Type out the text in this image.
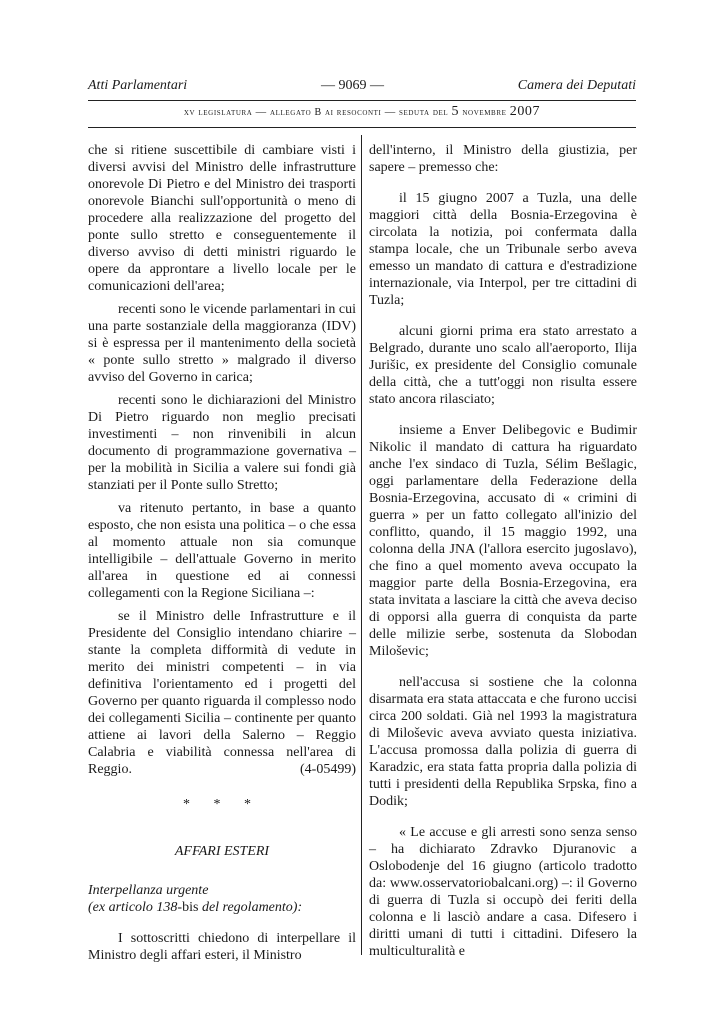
Atti Parlamentari	— 9069 —	Camera dei Deputati
xv legislatura — allegato b ai resoconti — seduta del 5 novembre 2007

che si ritiene suscettibile di cambiare visti i diversi avvisi del Ministro delle infrastrutture onorevole Di Pietro e del Ministro dei trasporti onorevole Bianchi sull'opportunità o meno di procedere alla realizzazione del progetto del ponte sullo stretto e conseguentemente il diverso avviso di detti ministri riguardo le opere da approntare a livello locale per le comunicazioni dell'area;

recenti sono le vicende parlamentari in cui una parte sostanziale della maggioranza (IDV) si è espressa per il mantenimento della società « ponte sullo stretto » malgrado il diverso avviso del Governo in carica;

recenti sono le dichiarazioni del Ministro Di Pietro riguardo non meglio precisati investimenti – non rinvenibili in alcun documento di programmazione governativa – per la mobilità in Sicilia a valere sui fondi già stanziati per il Ponte sullo Stretto;

va ritenuto pertanto, in base a quanto esposto, che non esista una politica – o che essa al momento attuale non sia comunque intelligibile – dell'attuale Governo in merito all'area in questione ed ai connessi collegamenti con la Regione Siciliana –:

se il Ministro delle Infrastrutture e il Presidente del Consiglio intendano chiarire – stante la completa difformità di vedute in merito dei ministri competenti – in via definitiva l'orientamento ed i progetti del Governo per quanto riguarda il complesso nodo dei collegamenti Sicilia – continente per quanto attiene ai lavori della Salerno – Reggio Calabria e viabilità connessa nell'area di Reggio.	(4-05499)

* * *
AFFARI ESTERI

Interpellanza urgente
(ex articolo 138-bis del regolamento):

I sottoscritti chiedono di interpellare il Ministro degli affari esteri, il Ministro

dell'interno, il Ministro della giustizia, per sapere – premesso che:

il 15 giugno 2007 a Tuzla, una delle maggiori città della Bosnia-Erzegovina è circolata la notizia, poi confermata dalla stampa locale, che un Tribunale serbo aveva emesso un mandato di cattura e d'estradizione internazionale, via Interpol, per tre cittadini di Tuzla;

alcuni giorni prima era stato arrestato a Belgrado, durante uno scalo all'aeroporto, Ilija Jurišic, ex presidente del Consiglio comunale della città, che a tutt'oggi non risulta essere stato ancora rilasciato;

insieme a Enver Delibegovic e Budimir Nikolic il mandato di cattura ha riguardato anche l'ex sindaco di Tuzla, Sélim Bešlagic, oggi parlamentare della Federazione della Bosnia-Erzegovina, accusato di « crimini di guerra » per un fatto collegato all'inizio del conflitto, quando, il 15 maggio 1992, una colonna della JNA (l'allora esercito jugoslavo), che fino a quel momento aveva occupato la maggior parte della Bosnia-Erzegovina, era stata invitata a lasciare la città che aveva deciso di opporsi alla guerra di conquista da parte delle milizie serbe, sostenuta da Slobodan Miloševic;

nell'accusa si sostiene che la colonna disarmata era stata attaccata e che furono uccisi circa 200 soldati. Già nel 1993 la magistratura di Miloševic aveva avviato questa iniziativa. L'accusa promossa dalla polizia di guerra di Karadzic, era stata fatta propria dalla polizia di tutti i presidenti della Republika Srpska, fino a Dodik;

« Le accuse e gli arresti sono senza senso – ha dichiarato Zdravko Djuranovic a Oslobodenje del 16 giugno (articolo tradotto da: www.osservatoriobalcani.org) –: il Governo di guerra di Tuzla si occupò dei feriti della colonna e li lasciò andare a casa. Difesero i diritti umani di tutti i cittadini. Difesero la multiculturalità e
